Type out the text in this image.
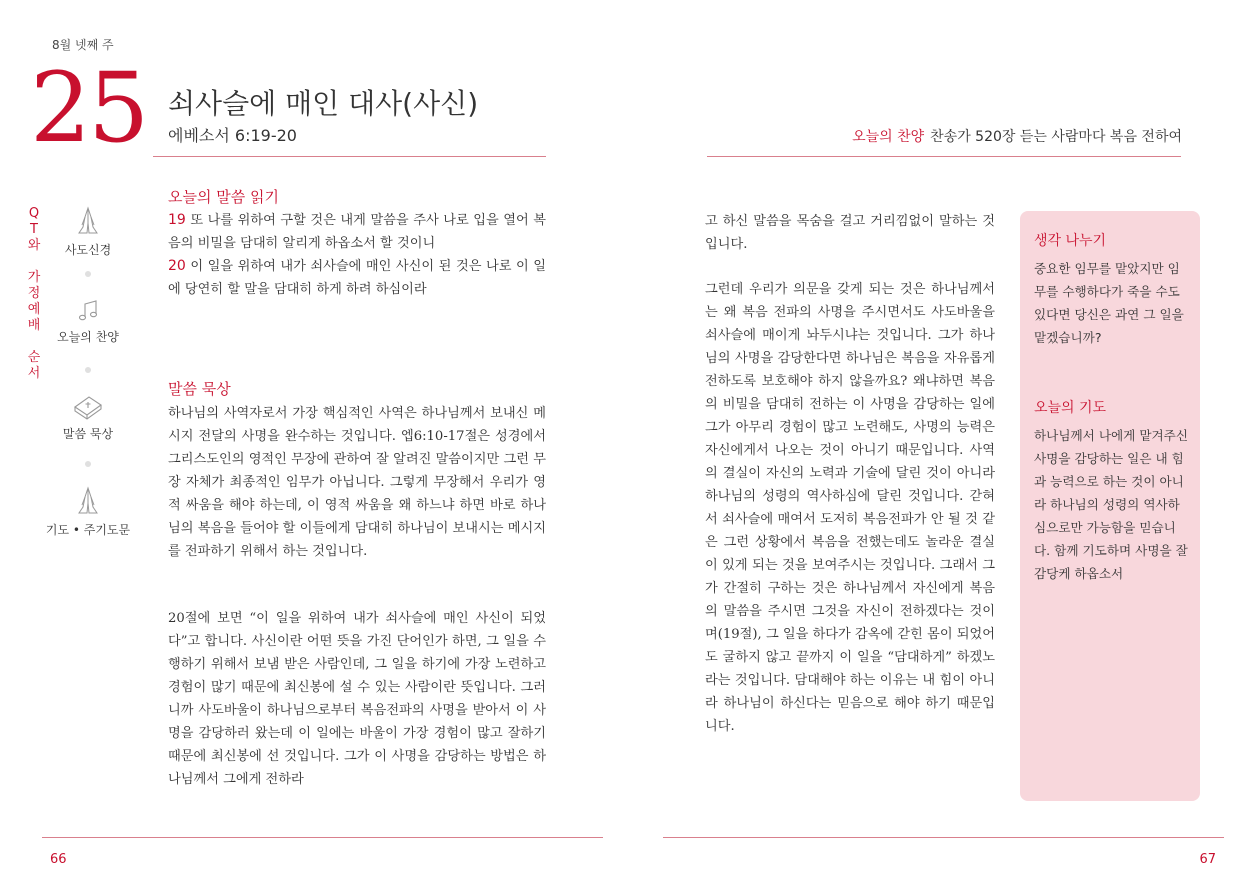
8월 넷째 주
25 쇠사슬에 매인 대사(사신)
에베소서 6:19-20	오늘의 찬양 찬송가 520장 듣는 사람마다 복음 전하여
Q
T
와
가
정
예
배
순
서
사도신경
오늘의 찬양
말씀 묵상
기도 • 주기도문
오늘의 말씀 읽기

19 또 나를 위하여 구할 것은 내게 말씀을 주사 나로 입을 열어 복음의 비밀을 담대히 알리게 하옵소서 할 것이니

20 이 일을 위하여 내가 쇠사슬에 매인 사신이 된 것은 나로 이 일에 당연히 할 말을 담대히 하게 하려 하심이라

말씀 묵상
하나님의 사역자로서 가장 핵심적인 사역은 하나님께서 보내신 메시지 전달의 사명을 완수하는 것입니다. 엡6:10-17절은 성경에서 그리스도인의 영적인 무장에 관하여 잘 알려진 말씀이지만 그런 무장 자체가 최종적인 임무가 아닙니다. 그렇게 무장해서 우리가 영적 싸움을 해야 하는데, 이 영적 싸움을 왜 하느냐 하면 바로 하나님의 복음을 들어야 할 이들에게 담대히 하나님이 보내시는 메시지를 전파하기 위해서 하는 것입니다.
20절에 보면 “이 일을 위하여 내가 쇠사슬에 매인 사신이 되었다”고 합니다. 사신이란 어떤 뜻을 가진 단어인가 하면, 그 일을 수행하기 위해서 보냄 받은 사람인데, 그 일을 하기에 가장 노련하고 경험이 많기 때문에 최신봉에 설 수 있는 사람이란 뜻입니다. 그러니까 사도바울이 하나님으로부터 복음전파의 사명을 받아서 이 사명을 감당하러 왔는데 이 일에는 바울이 가장 경험이 많고 잘하기 때문에 최신봉에 선 것입니다. 그가 이 사명을 감당하는 방법은 하나님께서 그에게 전하라
고 하신 말씀을 목숨을 걸고 거리낌없이 말하는 것입니다.
그런데 우리가 의문을 갖게 되는 것은 하나님께서는 왜 복음 전파의 사명을 주시면서도 사도바울을 쇠사슬에 매이게 놔두시냐는 것입니다. 그가 하나님의 사명을 감당한다면 하나님은 복음을 자유롭게 전하도록 보호해야 하지 않을까요? 왜냐하면 복음의 비밀을 담대히 전하는 이 사명을 감당하는 일에 그가 아무리 경험이 많고 노련해도, 사명의 능력은 자신에게서 나오는 것이 아니기 때문입니다. 사역의 결실이 자신의 노력과 기술에 달린 것이 아니라 하나님의 성령의 역사하심에 달린 것입니다. 갇혀서 쇠사슬에 매여서 도저히 복음전파가 안 될 것 같은 그런 상황에서 복음을 전했는데도 놀라운 결실이 있게 되는 것을 보여주시는 것입니다. 그래서 그가 간절히 구하는 것은 하나님께서 자신에게 복음의 말씀을 주시면 그것을 자신이 전하겠다는 것이며(19절), 그 일을 하다가 감옥에 갇힌 몸이 되었어도 굴하지 않고 끝까지 이 일을 “담대하게” 하겠노라는 것입니다. 담대해야 하는 이유는 내 힘이 아니라 하나님이 하신다는 믿음으로 해야 하기 때문입니다.
생각 나누기
중요한 임무를 맡았지만 임무를 수행하다가 죽을 수도 있다면 당신은 과연 그 일을 맡겠습니까?
오늘의 기도
하나님께서 나에게 맡겨주신 사명을 감당하는 일은 내 힘과 능력으로 하는 것이 아니라 하나님의 성령의 역사하심으로만 가능함을 믿습니다. 함께 기도하며 사명을 잘 감당케 하옵소서
66	67
